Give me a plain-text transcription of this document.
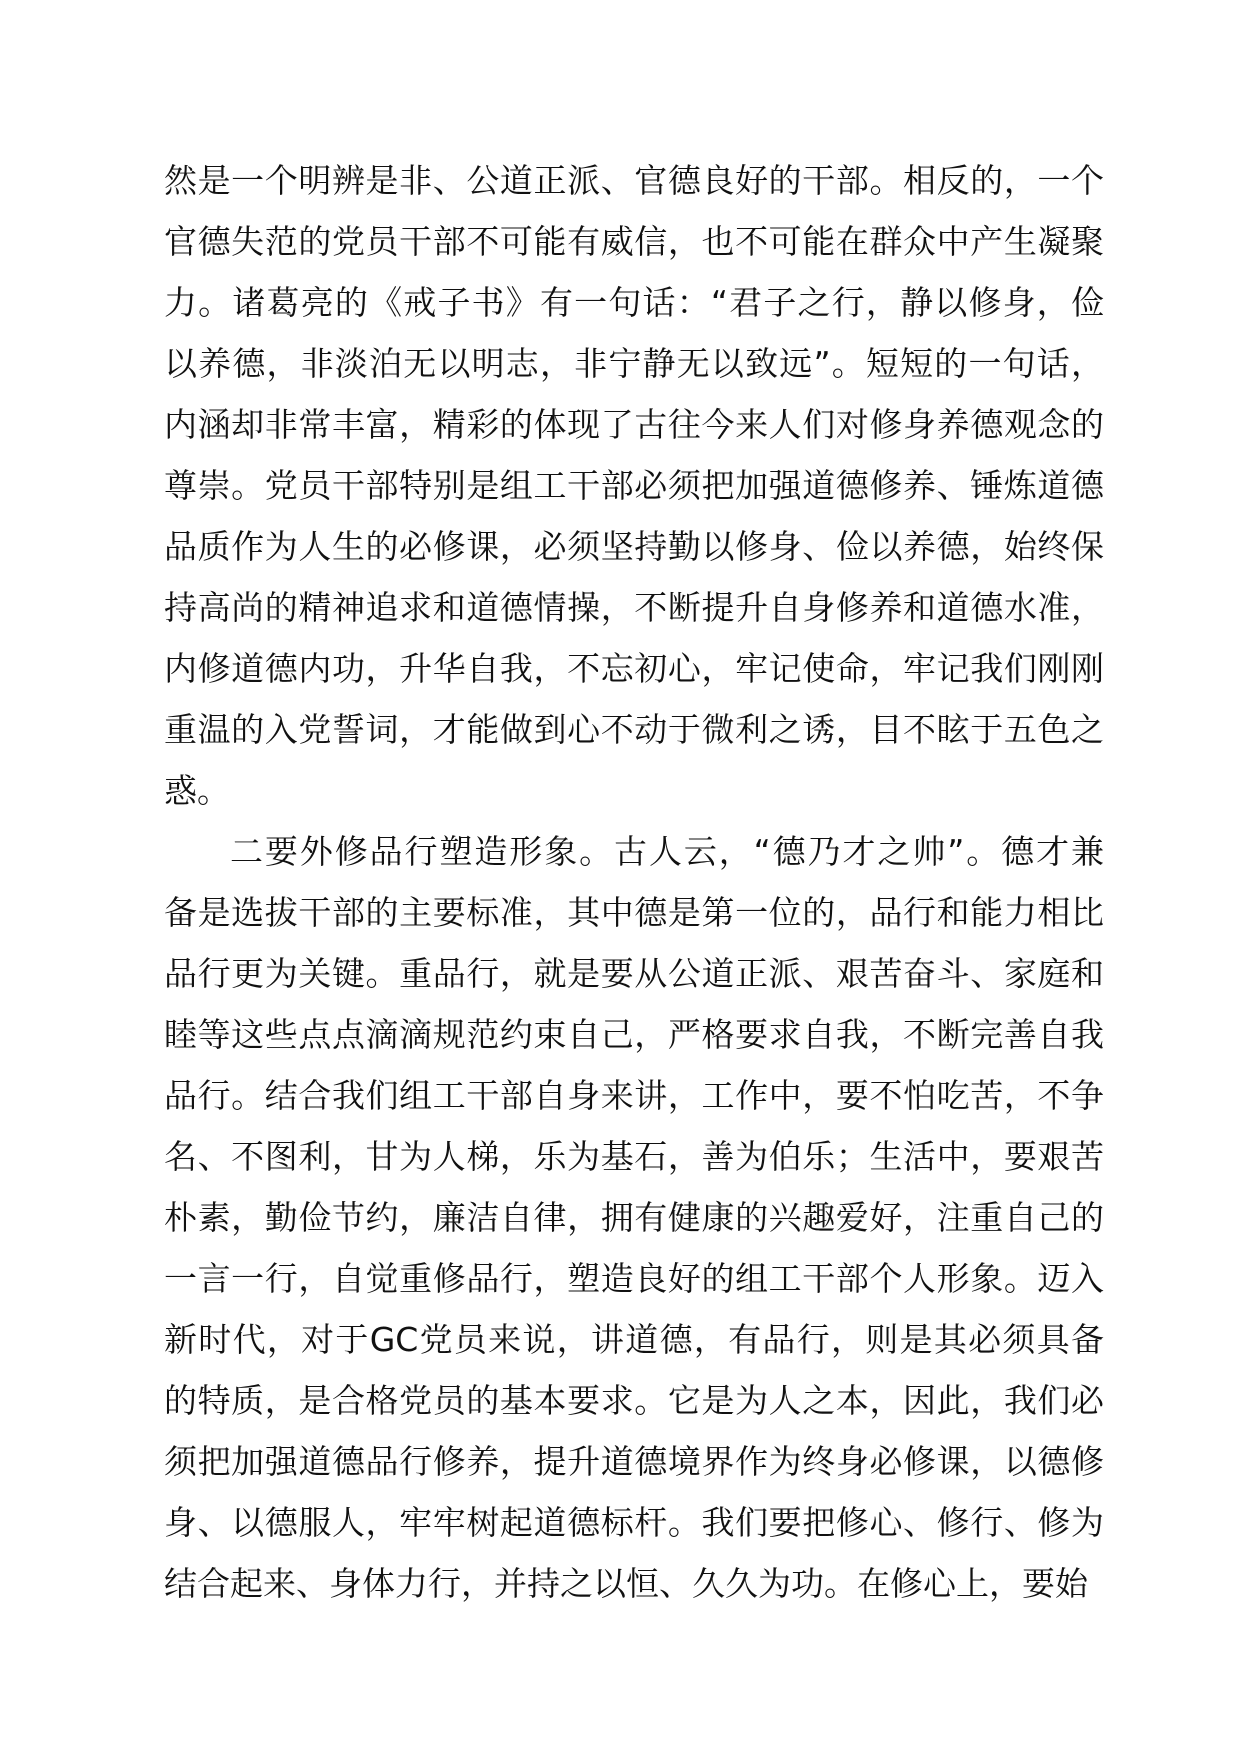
然是一个明辨是非、公道正派、官德良好的干部。相反的，一个
官德失范的党员干部不可能有威信，也不可能在群众中产生凝聚
力。诸葛亮的《戒子书》有一句话：“君子之行，静以修身，俭
以养德，非淡泊无以明志，非宁静无以致远”。短短的一句话，
内涵却非常丰富，精彩的体现了古往今来人们对修身养德观念的
尊崇。党员干部特别是组工干部必须把加强道德修养、锤炼道德
品质作为人生的必修课，必须坚持勤以修身、俭以养德，始终保
持高尚的精神追求和道德情操，不断提升自身修养和道德水准，
内修道德内功，升华自我，不忘初心，牢记使命，牢记我们刚刚
重温的入党誓词，才能做到心不动于微利之诱，目不眩于五色之
惑。
二要外修品行塑造形象。古人云，“德乃才之帅”。德才兼
备是选拔干部的主要标准，其中德是第一位的，品行和能力相比
品行更为关键。重品行，就是要从公道正派、艰苦奋斗、家庭和
睦等这些点点滴滴规范约束自己，严格要求自我，不断完善自我
品行。结合我们组工干部自身来讲，工作中，要不怕吃苦，不争
名、不图利，甘为人梯，乐为基石，善为伯乐；生活中，要艰苦
朴素，勤俭节约，廉洁自律，拥有健康的兴趣爱好，注重自己的
一言一行，自觉重修品行，塑造良好的组工干部个人形象。迈入
新时代，对于GC党员来说，讲道德，有品行，则是其必须具备
的特质，是合格党员的基本要求。它是为人之本，因此，我们必
须把加强道德品行修养，提升道德境界作为终身必修课，以德修
身、以德服人，牢牢树起道德标杆。我们要把修心、修行、修为
结合起来、身体力行，并持之以恒、久久为功。在修心上，要始
